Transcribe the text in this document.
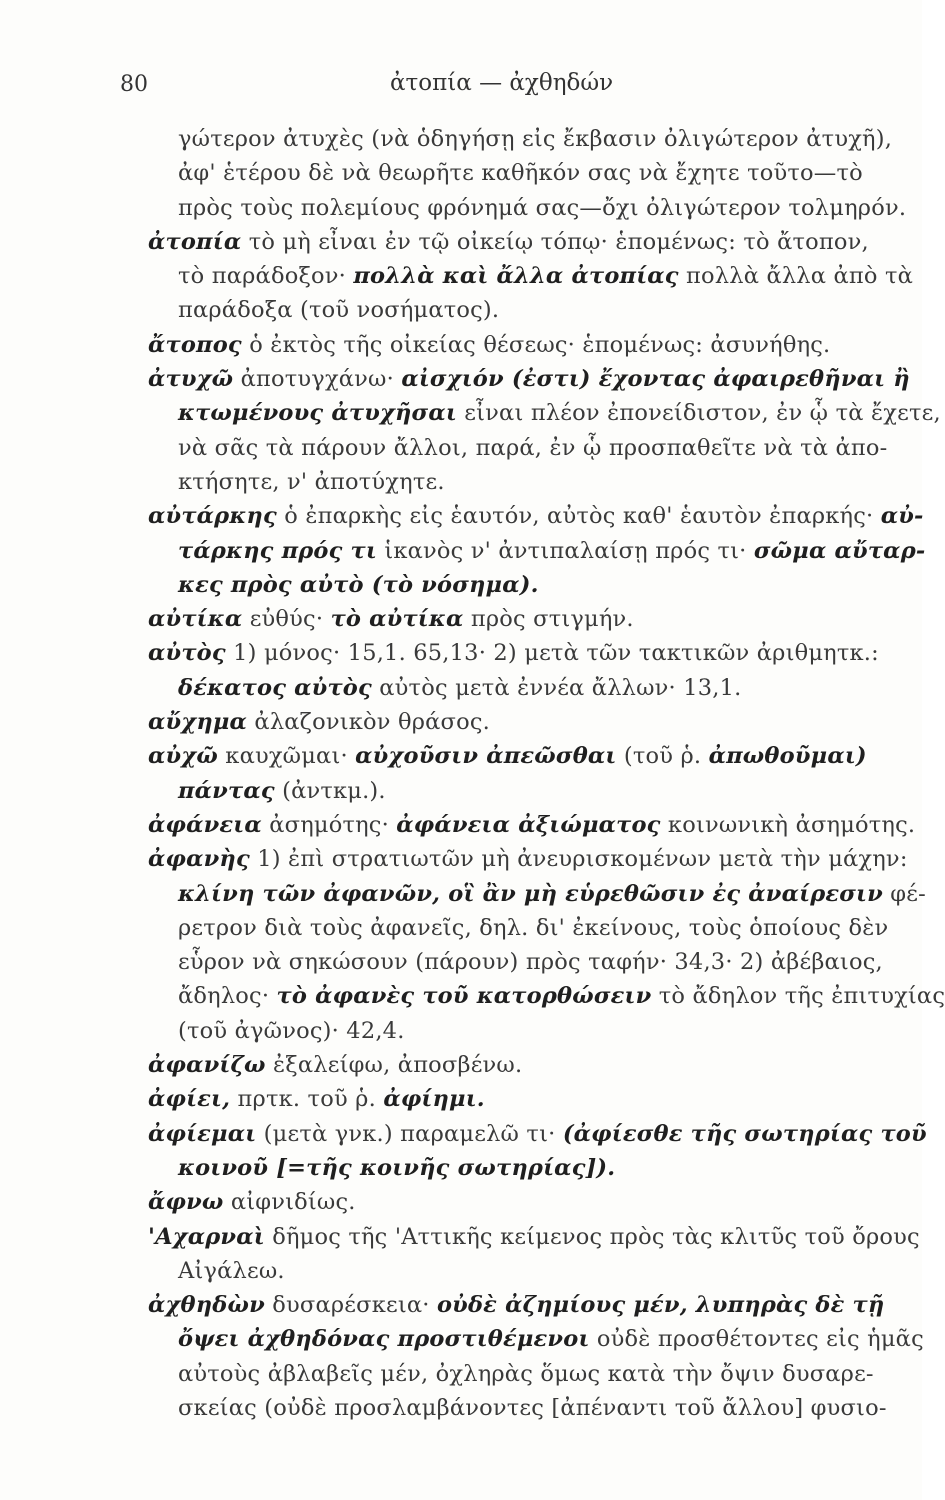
80	ἀτοπία — ἀχθηδών
γώτερον ἀτυχὲς (νὰ ὁδηγήσῃ εἰς ἔκβασιν ὀλιγώτερον ἀτυχῆ),
ἀφ' ἑτέρου δὲ νὰ θεωρῆτε καθῆκόν σας νὰ ἔχητε τοῦτο—τὸ
πρὸς τοὺς πολεμίους φρόνημά σας—ὄχι ὀλιγώτερον τολμηρόν.
ἀτοπία τὸ μὴ εἶναι ἐν τῷ οἰκείῳ τόπῳ· ἑπομένως: τὸ ἄτοπον,
τὸ παράδοξον· πολλὰ καὶ ἄλλα ἀτοπίας πολλὰ ἄλλα ἀπὸ τὰ
παράδοξα (τοῦ νοσήματος).
ἄτοπος ὁ ἐκτὸς τῆς οἰκείας θέσεως· ἑπομένως: ἀσυνήθης.
ἀτυχῶ ἀποτυγχάνω· αἰσχιόν (ἐστι) ἔχοντας ἀφαιρεθῆναι ἢ
κτωμένους ἀτυχῆσαι εἶναι πλέον ἐπονείδιστον, ἐν ᾧ τὰ ἔχετε,
νὰ σᾶς τὰ πάρουν ἄλλοι, παρά, ἐν ᾧ προσπαθεῖτε νὰ τὰ ἀπο-
κτήσητε, ν' ἀποτύχητε.
αὐτάρκης ὁ ἐπαρκὴς εἰς ἑαυτόν, αὐτὸς καθ' ἑαυτὸν ἐπαρκής· αὐ-
τάρκης πρός τι ἱκανὸς ν' ἀντιπαλαίσῃ πρός τι· σῶμα αὔταρ-
κες πρὸς αὐτὸ (τὸ νόσημα).
αὐτίκα εὐθύς· τὸ αὐτίκα πρὸς στιγμήν.
αὐτὸς 1) μόνος· 15,1. 65,13· 2) μετὰ τῶν τακτικῶν ἀριθμητκ.:
δέκατος αὐτὸς αὐτὸς μετὰ ἐννέα ἄλλων· 13,1.
αὔχημα ἀλαζονικὸν θράσος.
αὐχῶ καυχῶμαι· αὐχοῦσιν ἀπεῶσθαι (τοῦ ῥ. ἀπωθοῦμαι)
πάντας (ἀντκμ.).
ἀφάνεια ἀσημότης· ἀφάνεια ἀξιώματος κοινωνικὴ ἀσημότης.
ἀφανὴς 1) ἐπὶ στρατιωτῶν μὴ ἀνευρισκομένων μετὰ τὴν μάχην:
κλίνη τῶν ἀφανῶν, οἳ ἂν μὴ εὑρεθῶσιν ἐς ἀναίρεσιν φέ-
ρετρον διὰ τοὺς ἀφανεῖς, δηλ. δι' ἐκείνους, τοὺς ὁποίους δὲν
εὗρον νὰ σηκώσουν (πάρουν) πρὸς ταφήν· 34,3· 2) ἀβέβαιος,
ἄδηλος· τὸ ἀφανὲς τοῦ κατορθώσειν τὸ ἄδηλον τῆς ἐπιτυχίας
(τοῦ ἀγῶνος)· 42,4.
ἀφανίζω ἐξαλείφω, ἀποσβένω.
ἀφίει, πρτκ. τοῦ ῥ. ἀφίημι.
ἀφίεμαι (μετὰ γνκ.) παραμελῶ τι· (ἀφίεσθε τῆς σωτηρίας τοῦ
κοινοῦ [=τῆς κοινῆς σωτηρίας]).
ἄφνω αἰφνιδίως.
'Αχαρναὶ δῆμος τῆς 'Αττικῆς κείμενος πρὸς τὰς κλιτῦς τοῦ ὄρους
Αἰγάλεω.
ἀχθηδὼν δυσαρέσκεια· οὐδὲ ἀζημίους μέν, λυπηρὰς δὲ τῇ
ὄψει ἀχθηδόνας προστιθέμενοι οὐδὲ προσθέτοντες εἰς ἡμᾶς
αὐτοὺς ἀβλαβεῖς μέν, ὀχληρὰς ὅμως κατὰ τὴν ὄψιν δυσαρε-
σκείας (οὐδὲ προσλαμβάνοντες [ἀπέναντι τοῦ ἄλλου] φυσιο-
